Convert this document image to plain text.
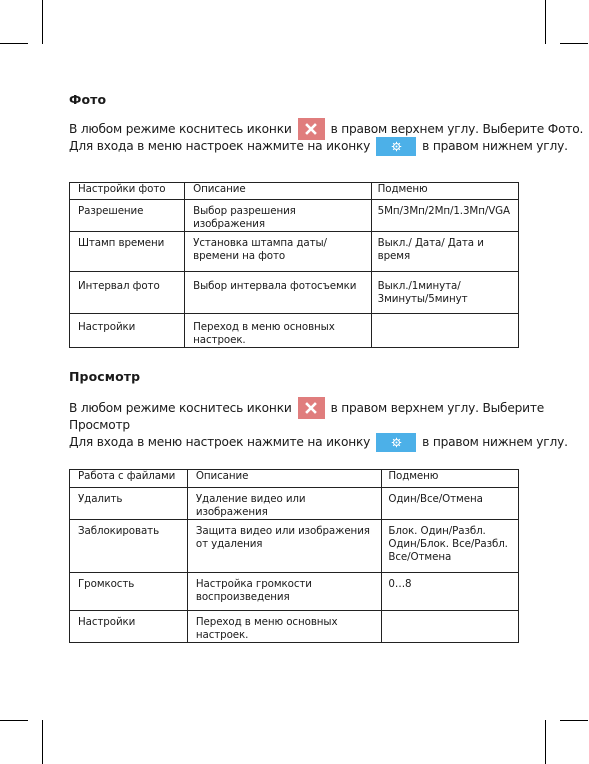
Фото
В любом режиме коснитесь иконки	в правом верхнем углу. Выберите Фото.
Для входа в меню настроек нажмите на иконку	в правом нижнем углу.
Настройки фото	Описание	Подменю
Разрешение	Выбор разрешения изображения	5Mп/3Mп/2Mп/1.3Mп/VGA
Штамп времени	Установка штампа даты/времени на фото	Выкл./ Дата/ Дата и время
Интервал фото	Выбор интервала фотосъемки	Выкл./1минута/ 3минуты/5минут
Настройки	Переход в меню основных настроек.	
Просмотр
В любом режиме коснитесь иконки	в правом верхнем углу. Выберите
Просмотр
Для входа в меню настроек нажмите на иконку	в правом нижнем углу.
Работа с файлами	Описание	Подменю
Удалить	Удаление видео или изображения	Один/Все/Отмена
Заблокировать	Защита видео или изображения от удаления	Блок. Один/Разбл. Один/Блок. Все/Разбл. Все/Отмена
Громкость	Настройка громкости воспроизведения	0…8
Настройки	Переход в меню основных настроек.	
